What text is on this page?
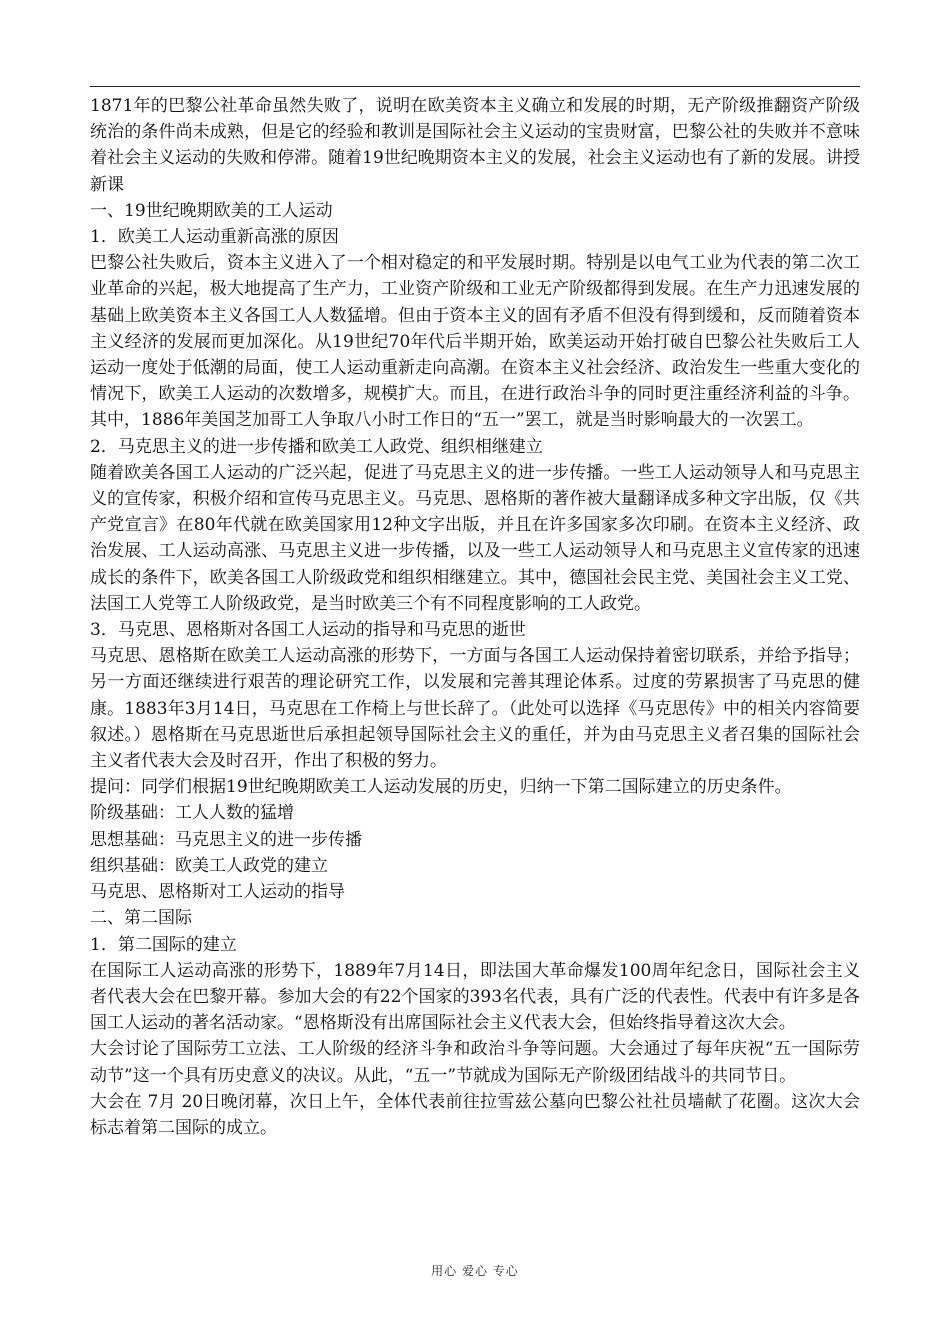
1871年的巴黎公社革命虽然失败了，说明在欧美资本主义确立和发展的时期，无产阶级推翻资产阶级统治的条件尚未成熟，但是它的经验和教训是国际社会主义运动的宝贵财富，巴黎公社的失败并不意味着社会主义运动的失败和停滞。随着19世纪晚期资本主义的发展，社会主义运动也有了新的发展。讲授新课

一、19世纪晚期欧美的工人运动

1．欧美工人运动重新高涨的原因

巴黎公社失败后，资本主义进入了一个相对稳定的和平发展时期。特别是以电气工业为代表的第二次工业革命的兴起，极大地提高了生产力，工业资产阶级和工业无产阶级都得到发展。在生产力迅速发展的基础上欧美资本主义各国工人人数猛增。但由于资本主义的固有矛盾不但没有得到缓和，反而随着资本主义经济的发展而更加深化。从19世纪70年代后半期开始，欧美运动开始打破自巴黎公社失败后工人运动一度处于低潮的局面，使工人运动重新走向高潮。在资本主义社会经济、政治发生一些重大变化的情况下，欧美工人运动的次数增多，规模扩大。而且，在进行政治斗争的同时更注重经济利益的斗争。其中，1886年美国芝加哥工人争取八小时工作日的“五一”罢工，就是当时影响最大的一次罢工。

2．马克思主义的进一步传播和欧美工人政党、组织相继建立

随着欧美各国工人运动的广泛兴起，促进了马克思主义的进一步传播。一些工人运动领导人和马克思主义的宣传家，积极介绍和宣传马克思主义。马克思、恩格斯的著作被大量翻译成多种文字出版，仅《共产党宣言》在80年代就在欧美国家用12种文字出版，并且在许多国家多次印刷。在资本主义经济、政治发展、工人运动高涨、马克思主义进一步传播，以及一些工人运动领导人和马克思主义宣传家的迅速成长的条件下，欧美各国工人阶级政党和组织相继建立。其中，德国社会民主党、美国社会主义工党、法国工人党等工人阶级政党，是当时欧美三个有不同程度影响的工人政党。

3．马克思、恩格斯对各国工人运动的指导和马克思的逝世

马克思、恩格斯在欧美工人运动高涨的形势下，一方面与各国工人运动保持着密切联系，并给予指导；另一方面还继续进行艰苦的理论研究工作，以发展和完善其理论体系。过度的劳累损害了马克思的健康。1883年3月14日，马克思在工作椅上与世长辞了。（此处可以选择《马克思传》中的相关内容简要叙述。）恩格斯在马克思逝世后承担起领导国际社会主义的重任，并为由马克思主义者召集的国际社会主义者代表大会及时召开，作出了积极的努力。

提问：同学们根据19世纪晚期欧美工人运动发展的历史，归纳一下第二国际建立的历史条件。

阶级基础：工人人数的猛增

思想基础：马克思主义的进一步传播

组织基础：欧美工人政党的建立

马克思、恩格斯对工人运动的指导

二、第二国际

1．第二国际的建立

在国际工人运动高涨的形势下，1889年7月14日，即法国大革命爆发100周年纪念日，国际社会主义者代表大会在巴黎开幕。参加大会的有22个国家的393名代表，具有广泛的代表性。代表中有许多是各国工人运动的著名活动家。“恩格斯没有出席国际社会主义代表大会，但始终指导着这次大会。

大会讨论了国际劳工立法、工人阶级的经济斗争和政治斗争等问题。大会通过了每年庆祝“五一国际劳动节”这一个具有历史意义的决议。从此，“五一”节就成为国际无产阶级团结战斗的共同节日。

大会在 7月 20日晚闭幕，次日上午，全体代表前往拉雪兹公墓向巴黎公社社员墙献了花圈。这次大会标志着第二国际的成立。

用心 爱心 专心
